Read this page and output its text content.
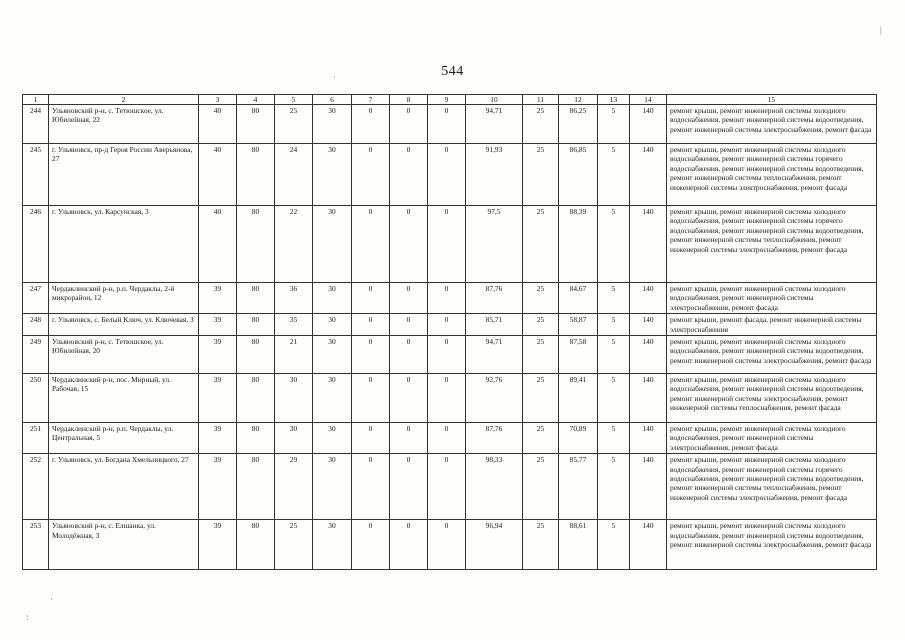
544
1	2	3	4	5	6	7	8	9	10	11	12	13	14	15
244	Ульяновский р-н, с. Тетюшское, ул. Юбилейная, 22	40	80	25	30	0	0	0	94,71	25	86,25	5	140	ремонт крыши, ремонт инженерной системы холодного водоснабжения, ремонт инженерной системы водоотведения, ремонт инженерной системы электроснабжения, ремонт фасада
245	г. Ульяновск, пр-д Героя России Аверьянова, 27	40	80	24	30	0	0	0	91,93	25	86,85	5	140	ремонт крыши, ремонт инженерной системы холодного водоснабжения, ремонт инженерной системы горячего водоснабжения, ремонт инженерной системы водоотведения, ремонт инженерной системы теплоснабжения, ремонт инженерной системы электроснабжения, ремонт фасада
246	г. Ульяновск, ул. Карсунская, 3	40	80	22	30	0	0	0	97,5	25	88,39	5	140	ремонт крыши, ремонт инженерной системы холодного водоснабжения, ремонт инженерной системы горячего водоснабжения, ремонт инженерной системы водоотведения, ремонт инженерной системы теплоснабжения, ремонт инженерной системы электроснабжения, ремонт фасада
247	Чердаклинский р-н, р.п. Чердаклы, 2-й микрорайон, 12	39	80	36	30	0	0	0	87,76	25	84,67	5	140	ремонт крыши, ремонт инженерной системы холодного водоснабжения, ремонт инженерной системы электроснабжения, ремонт фасада
248	г. Ульяновск, с. Белый Ключ, ул. Ключевая, 3	39	80	35	30	0	0	0	85,71	25	58,87	5	140	ремонт крыши, ремонт фасада, ремонт инженерной системы электроснабжения
249	Ульяновский р-н, с. Тетюшское, ул. Юбилейная, 20	39	80	21	30	0	0	0	94,71	25	87,58	5	140	ремонт крыши, ремонт инженерной системы холодного водоснабжения, ремонт инженерной системы водоотведения, ремонт инженерной системы электроснабжения, ремонт фасада
250	Чердаклинский р-н, пос. Мирный, ул. Рабочая, 15	39	80	30	30	0	0	0	92,76	25	89,41	5	140	ремонт крыши, ремонт инженерной системы холодного водоснабжения, ремонт инженерной системы водоотведения, ремонт инженерной системы электроснабжения, ремонт инженерной системы теплоснабжения, ремонт фасада
251	Чердаклинский р-н, р.п. Чердаклы, ул. Центральная, 5	39	80	30	30	0	0	0	87,76	25	70,89	5	140	ремонт крыши, ремонт инженерной системы холодного водоснабжения, ремонт инженерной системы электроснабжения, ремонт фасада
252	г. Ульяновск, ул. Богдана Хмельницкого, 27	39	80	29	30	0	0	0	98,33	25	85,77	5	140	ремонт крыши, ремонт инженерной системы холодного водоснабжения, ремонт инженерной системы горячего водоснабжения, ремонт инженерной системы водоотведения, ремонт инженерной системы теплоснабжения, ремонт инженерной системы электроснабжения, ремонт фасада
253	Ульяновский р-н, с. Елшанка, ул. Молодёжная, 3	39	80	25	30	0	0	0	96,94	25	88,61	5	140	ремонт крыши, ремонт инженерной системы холодного водоснабжения, ремонт инженерной системы водоотведения, ремонт инженерной системы электроснабжения, ремонт фасада
·
|
·
:
